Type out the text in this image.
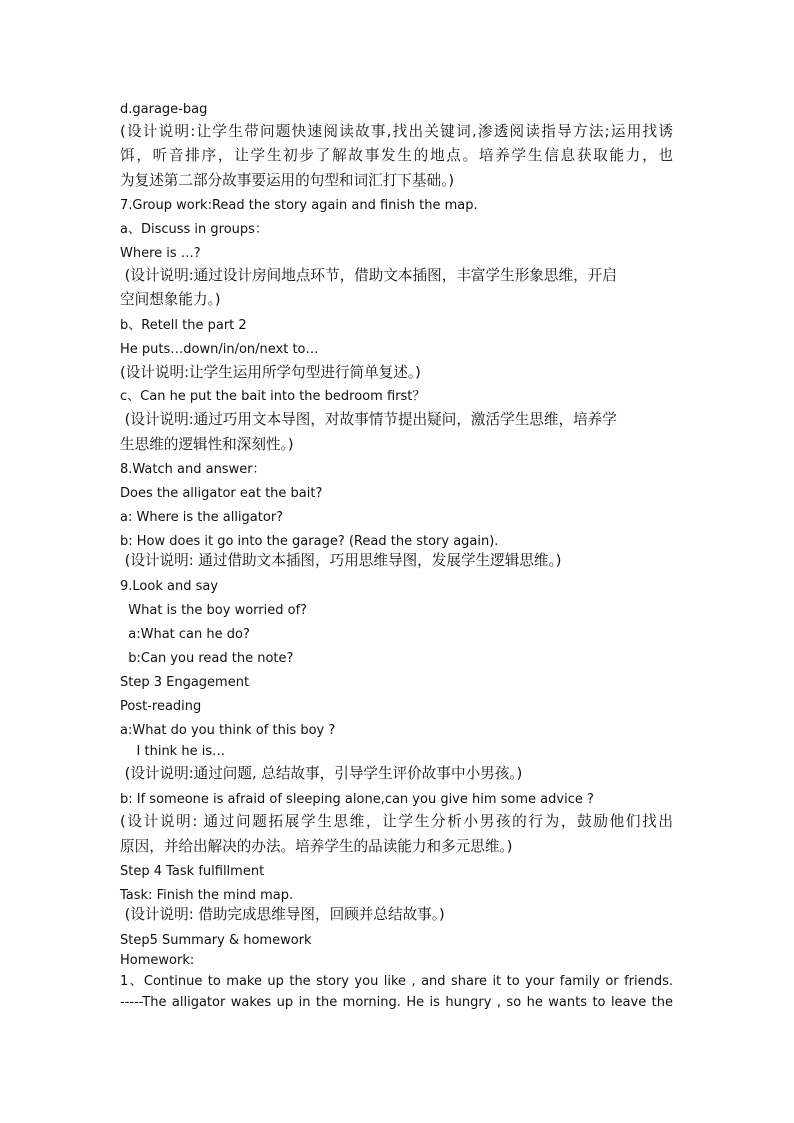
d.garage-bag
(设计说明:让学生带问题快速阅读故事,找出关键词,渗透阅读指导方法;运用找诱
饵，听音排序，让学生初步了解故事发生的地点。培养学生信息获取能力，也
为复述第二部分故事要运用的句型和词汇打下基础。)
7.Group work:Read the story again and finish the map.
a、Discuss in groups：
Where is …?
(设计说明:通过设计房间地点环节，借助文本插图，丰富学生形象思维，开启
空间想象能力。)
b、Retell the part 2
He puts…down/in/on/next to…
(设计说明:让学生运用所学句型进行简单复述。)
c、Can he put the bait into the bedroom first？
(设计说明:通过巧用文本导图，对故事情节提出疑问，激活学生思维，培养学
生思维的逻辑性和深刻性。)
8.Watch and answer：
Does the alligator eat the bait?
a: Where is the alligator?
b: How does it go into the garage? (Read the story again).
(设计说明: 通过借助文本插图，巧用思维导图，发展学生逻辑思维。)
9.Look and say
What is the boy worried of?
a:What can he do?
b:Can you read the note?
Step 3 Engagement
Post-reading
a:What do you think of this boy ?
I think he is…
(设计说明:通过问题, 总结故事，引导学生评价故事中小男孩。)
b: If someone is afraid of sleeping alone,can you give him some advice ?
(设计说明: 通过问题拓展学生思维，让学生分析小男孩的行为，鼓励他们找出
原因，并给出解决的办法。培养学生的品读能力和多元思维。)
Step 4 Task fulfillment
Task: Finish the mind map.
(设计说明: 借助完成思维导图，回顾并总结故事。)
Step5 Summary & homework
Homework:
1、Continue to make up the story you like , and share it to your family or friends.
-----The alligator wakes up in the morning. He is hungry , so he wants to leave the
